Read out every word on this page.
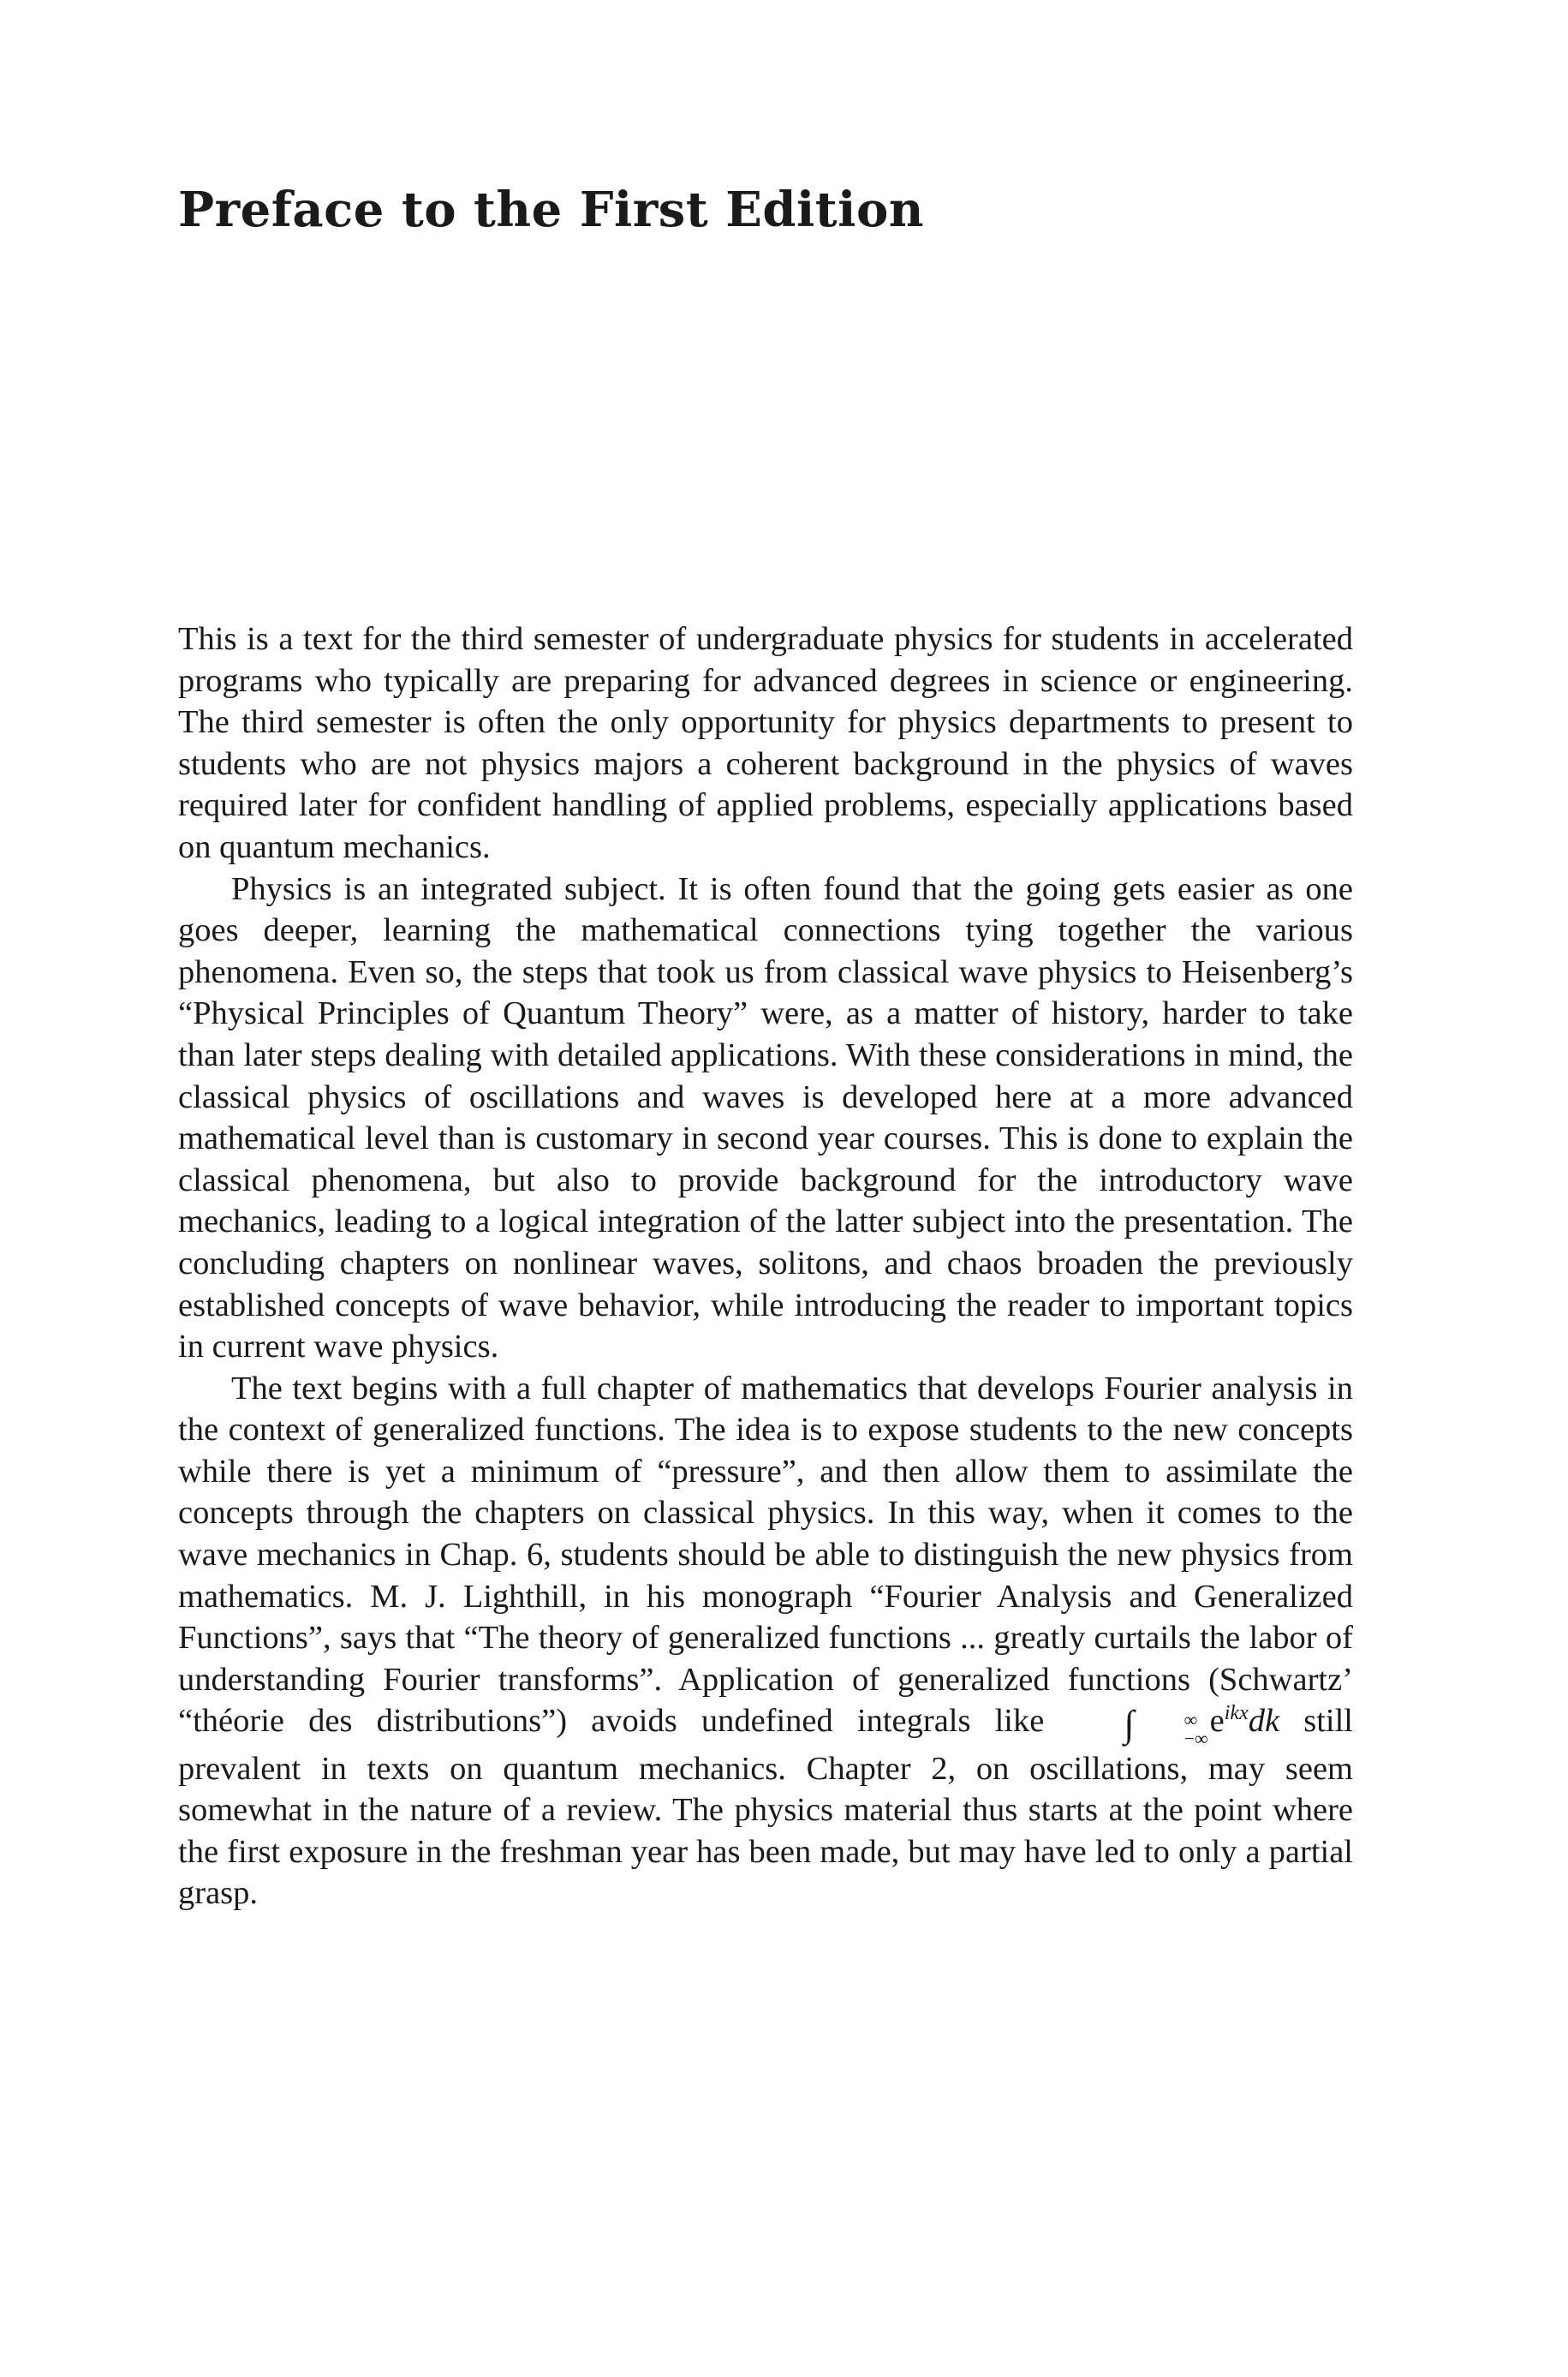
Preface to the First Edition

This is a text for the third semester of undergraduate physics for students in accelerated programs who typically are preparing for advanced degrees in science or engineering. The third semester is often the only opportunity for physics departments to present to students who are not physics majors a coherent background in the physics of waves required later for confident handling of applied problems, especially applications based on quantum mechanics.

Physics is an integrated subject. It is often found that the going gets easier as one goes deeper, learning the mathematical connections tying together the various phenomena. Even so, the steps that took us from classical wave physics to Heisenberg’s “Physical Principles of Quantum Theory” were, as a matter of history, harder to take than later steps dealing with detailed applications. With these considerations in mind, the classical physics of oscillations and waves is developed here at a more advanced mathematical level than is customary in second year courses. This is done to explain the classical phenomena, but also to provide background for the introductory wave mechanics, leading to a logical integration of the latter subject into the presentation. The concluding chapters on nonlinear waves, solitons, and chaos broaden the previously established concepts of wave behavior, while introducing the reader to important topics in current wave physics.

The text begins with a full chapter of mathematics that develops Fourier analysis in the context of generalized functions. The idea is to expose students to the new concepts while there is yet a minimum of “pressure”, and then allow them to assimilate the concepts through the chapters on classical physics. In this way, when it comes to the wave mechanics in Chap. 6, students should be able to distinguish the new physics from mathematics. M. J. Lighthill, in his monograph “Fourier Analysis and Generalized Functions”, says that “The theory of generalized functions ... greatly curtails the labor of understanding Fourier transforms”. Application of generalized functions (Schwartz’ “théorie des distributions”) avoids undefined integrals like ∫	∞
−∞ $e^{ikx}dk$ still prevalent in texts on quantum mechanics. Chapter 2, on oscillations, may seem somewhat in the nature of a review. The physics material thus starts at the point where the first exposure in the freshman year has been made, but may have led to only a partial grasp.
